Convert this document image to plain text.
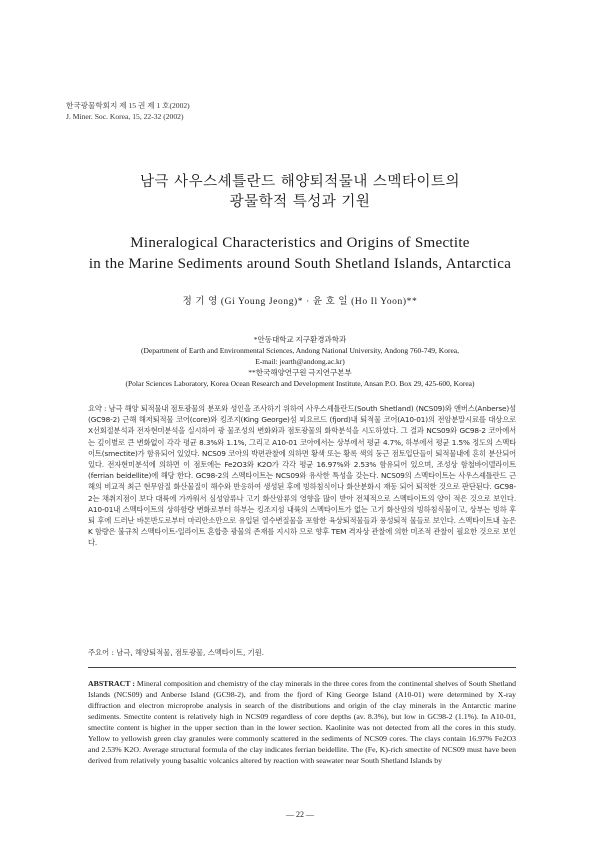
한국광물학회지 제 15 권 제 1 호(2002)
J. Miner. Soc. Korea, 15, 22-32 (2002)
남극 사우스셰틀란드 해양퇴적물내 스멕타이트의
광물학적 특성과 기원
Mineralogical Characteristics and Origins of Smectite
in the Marine Sediments around South Shetland Islands, Antarctica
정 기 영 (Gi Young Jeong)* · 윤 호 일 (Ho Il Yoon)**
*안동대학교 지구환경과학과
(Department of Earth and Environmental Sciences, Andong National University, Andong 760-749, Korea,
E-mail: jearth@andong.ac.kr)
**한국해양연구원 극지연구본부
(Polar Sciences Laboratory, Korea Ocean Research and Development Institute, Ansan P.O. Box 29, 425-600, Korea)
요약 : 남극 해양 퇴적물내 점토광물의 분포와 성인을 조사하기 위하여 사우스셰틀란드(South Shetland) (NCS09)와 앤버스(Anberse)섬(GC98-2) 근해 해저퇴적물 코어(core)와 킹조지(King George)섬 피요르드 (fjord)내 퇴적물 코어(A10-01)의 전암분말시료를 대상으로 X선회절분석과 전자현미분석을 실시하여 광 물조성의 변화와과 점토광물의 화학분석을 시도하였다. 그 결과 NCS09와 GC98-2 코아에서는 깊이별로 큰 변화없이 각각 평균 8.3%와 1.1%, 그리고 A10-01 코아에서는 상부에서 평균 4.7%, 하부에서 평균 1.5% 정도의 스멕타이트(smectite)가 함유되어 있었다. NCS09 코아의 박편관찰에 의하면 황색 또는 황록 색의 둥근 점토입단들이 퇴적물내에 흔히 분산되어 있다. 전자현미분석에 의하면 이 점토에는 Fe2O3와 K2O가 각각 평균 16.97%와 2.53% 함유되어 있으며, 조성상 함철바이델라이트(ferrian beidellite)에 해당 한다. GC98-2의 스멕타이트는 NCS09와 유사한 특성을 갖는다. NCS09의 스멕타이트는 사우스셰틀란드 근해의 비교적 최근 현무암질 화산물질이 해수와 반응하여 생성된 후에 빙하침식이나 화산분화시 재동 되어 퇴적한 것으로 판단된다. GC98-2는 채취지점이 보다 대륙에 가까워서 심성암류나 고기 화산암류의 영향을 많이 받아 전체적으로 스멕타이트의 양이 적은 것으로 보인다. A10-01내 스멕타이트의 상하함량 변화로부터 하부는 킹조지섬 내륙의 스멕타이트가 없는 고기 화산암의 빙하침식물이고, 상부는 빙하 후 퇴 후에 드러난 바톤반도로부터 마리안소만으로 유입된 열수변질물을 포함한 육상퇴적물들과 풍성퇴적 물들로 보인다. 스멕타이트내 높은 K 함량은 불규칙 스멕타이트-일라이트 혼합층 광물의 존재를 지시하 므로 향후 TEM 격자상 관찰에 의한 미조적 관찰이 필요한 것으로 보인다.
주요어 : 남극, 해양퇴적물, 점토광물, 스멕타이트, 기원.
ABSTRACT : Mineral composition and chemistry of the clay minerals in the three cores from the continental shelves of South Shetland Islands (NCS09) and Anberse Island (GC98-2), and from the fjord of King George Island (A10-01) were determined by X-ray diffraction and electron microprobe analysis in search of the distributions and origin of the clay minerals in the Antarctic marine sediments. Smectite content is relatively high in NCS09 regardless of core depths (av. 8.3%), but low in GC98-2 (1.1%). In A10-01, smectite content is higher in the upper section than in the lower section. Kaolinite was not detected from all the cores in this study. Yellow to yellowish green clay granules were commonly scattered in the sediments of NCS09 cores. The clays contain 16.97% Fe2O3 and 2.53% K2O. Average structural formula of the clay indicates ferrian beidellite. The (Fe, K)-rich smectite of NCS09 must have been derived from relatively young basaltic volcanics altered by reaction with seawater near South Shetland Islands by
— 22 —
